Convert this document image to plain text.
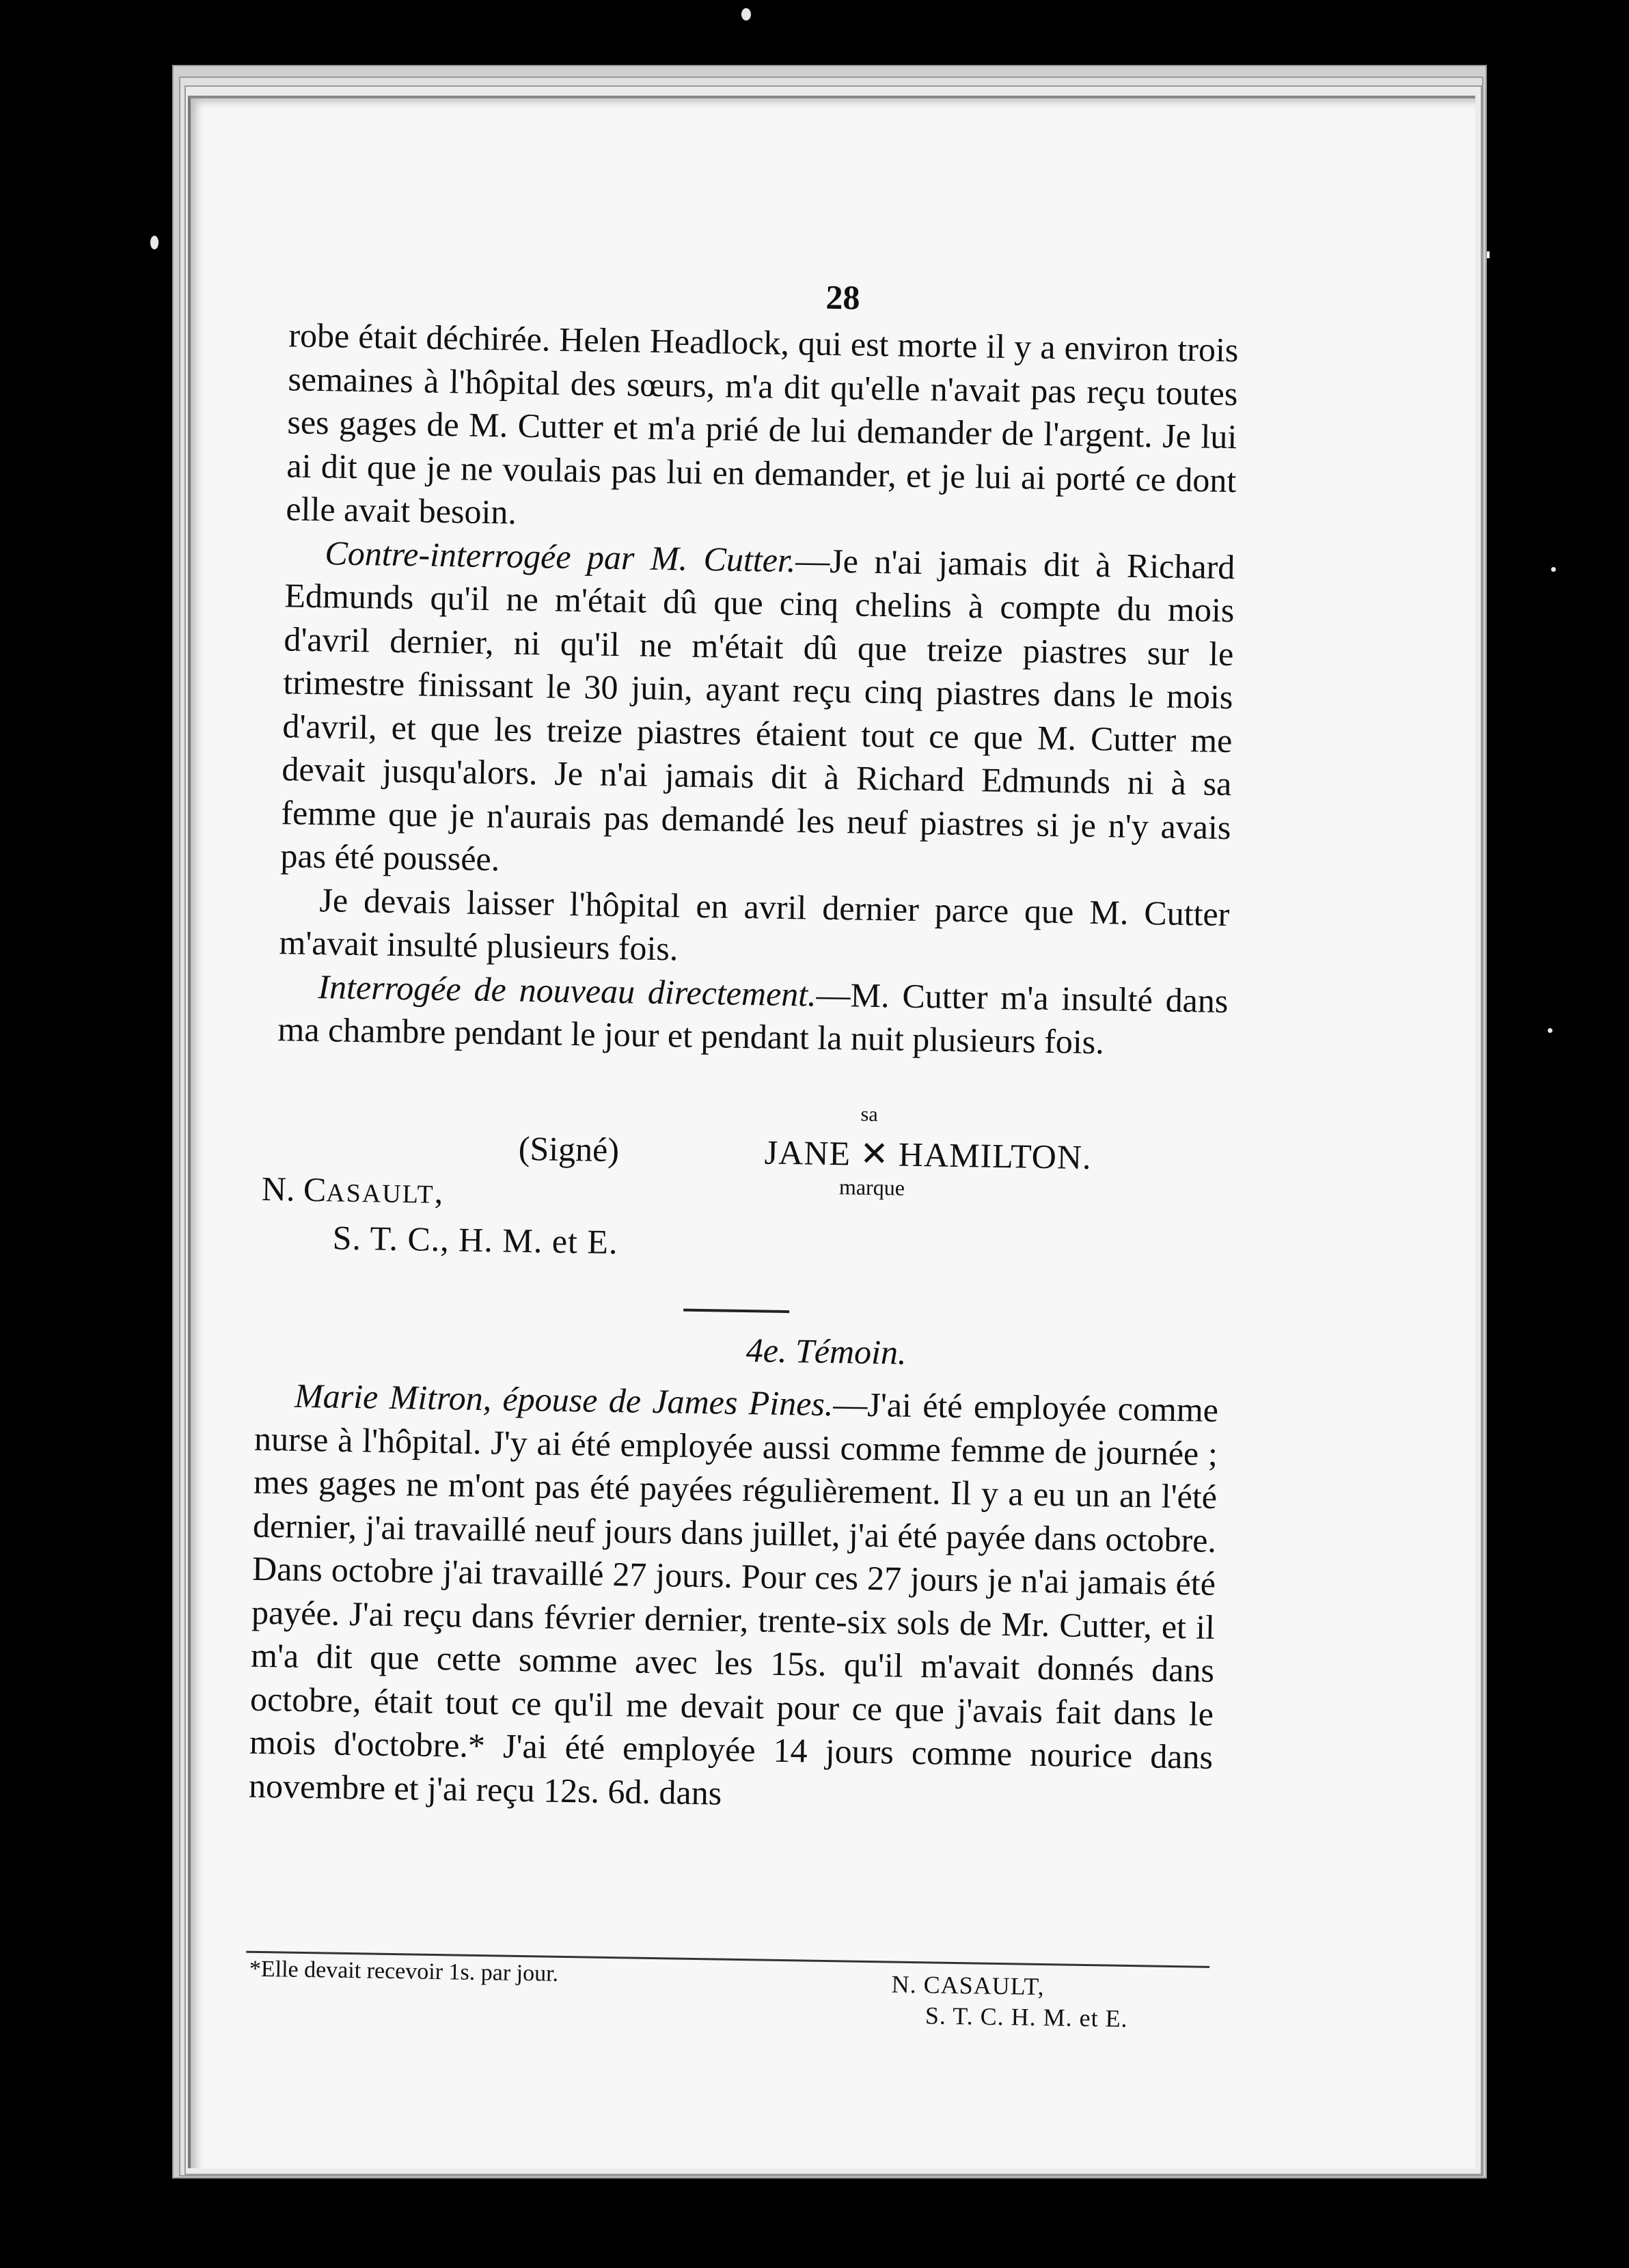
28

robe était déchirée. Helen Headlock, qui est morte il y a environ trois semaines à l'hôpital des sœurs, m'a dit qu'elle n'avait pas reçu toutes ses gages de M. Cutter et m'a prié de lui demander de l'argent. Je lui ai dit que je ne voulais pas lui en demander, et je lui ai porté ce dont elle avait besoin.

Contre-interrogée par M. Cutter.—Je n'ai jamais dit à Richard Edmunds qu'il ne m'était dû que cinq chelins à compte du mois d'avril dernier, ni qu'il ne m'était dû que treize piastres sur le trimestre finissant le 30 juin, ayant reçu cinq piastres dans le mois d'avril, et que les treize piastres étaient tout ce que M. Cutter me devait jusqu'alors. Je n'ai jamais dit à Richard Edmunds ni à sa femme que je n'aurais pas demandé les neuf piastres si je n'y avais pas été poussée.

Je devais laisser l'hôpital en avril dernier parce que M. Cutter m'avait insulté plusieurs fois.

Interrogée de nouveau directement.—M. Cutter m'a insulté dans ma chambre pendant le jour et pendant la nuit plusieurs fois.

(Signé)
sa
JANE ✕ HAMILTON.
marque
N. CASAULT,
S. T. C., H. M. et E.
4e. Témoin.

Marie Mitron, épouse de James Pines.—J'ai été employée comme nurse à l'hôpital. J'y ai été employée aussi comme femme de journée ; mes gages ne m'ont pas été payées régulièrement. Il y a eu un an l'été dernier, j'ai travaillé neuf jours dans juillet, j'ai été payée dans octobre. Dans octobre j'ai travaillé 27 jours. Pour ces 27 jours je n'ai jamais été payée. J'ai reçu dans février dernier, trente-six sols de Mr. Cutter, et il m'a dit que cette somme avec les 15s. qu'il m'avait donnés dans octobre, était tout ce qu'il me devait pour ce que j'avais fait dans le mois d'octobre.* J'ai été employée 14 jours comme nourice dans novembre et j'ai reçu 12s. 6d. dans

*Elle devait recevoir 1s. par jour.	N. CASAULT,
S. T. C. H. M. et E.
